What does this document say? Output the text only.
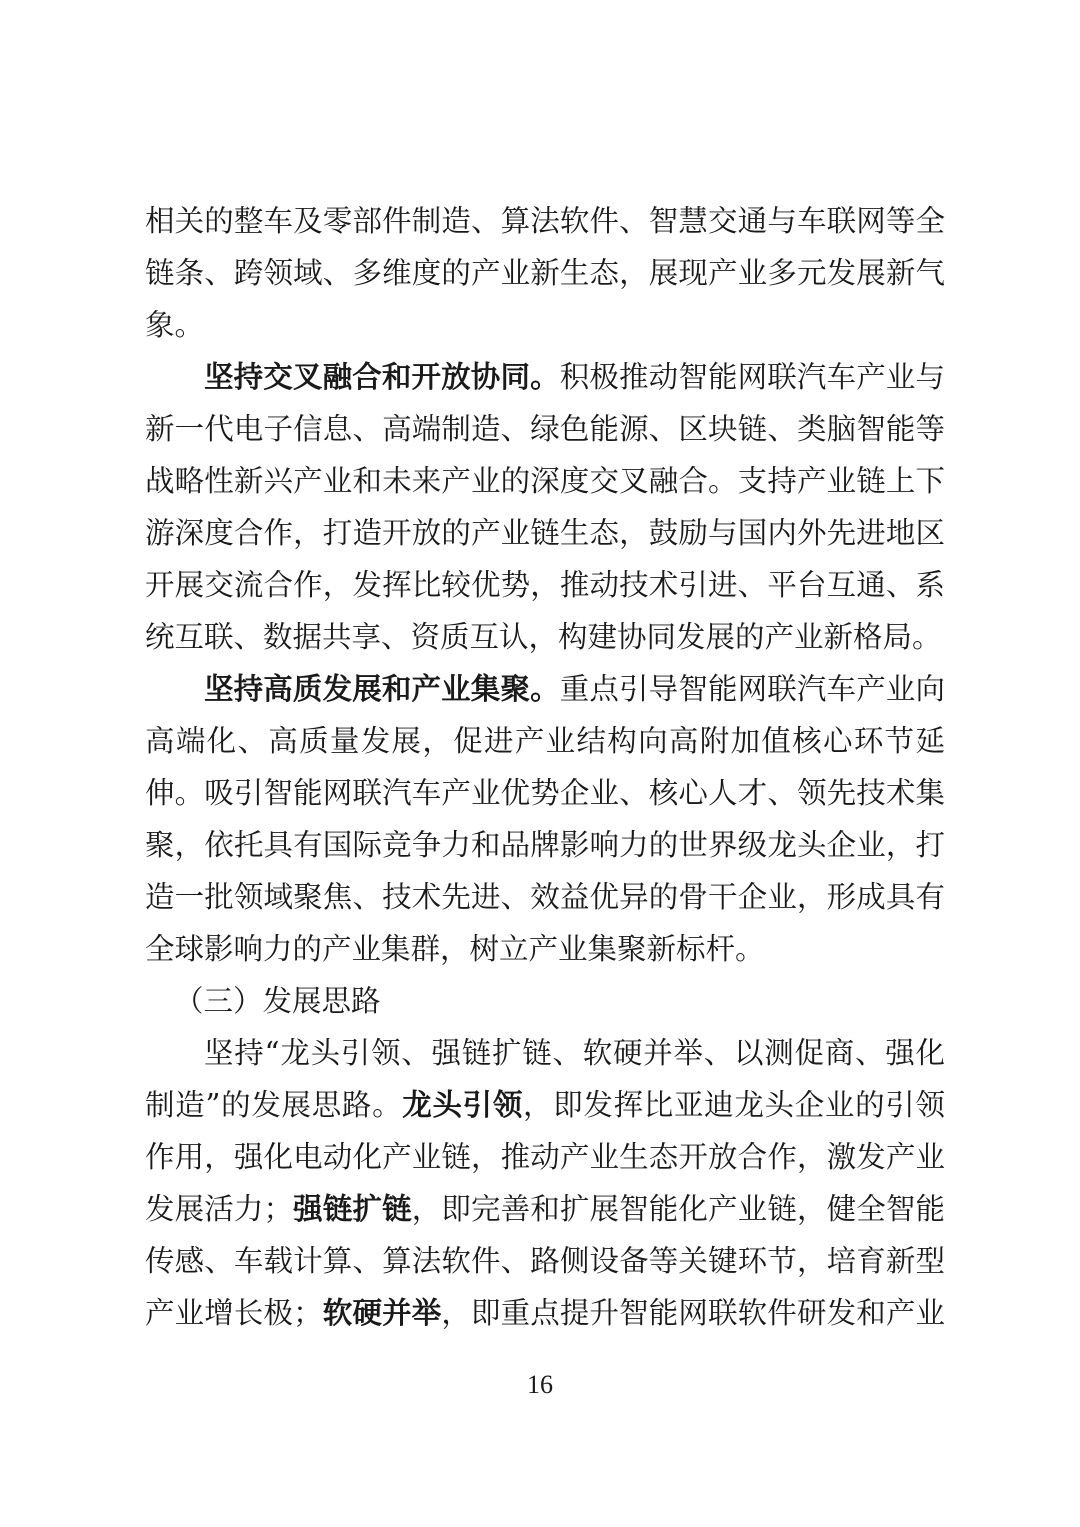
相关的整车及零部件制造、算法软件、智慧交通与车联网等全
链条、跨领域、多维度的产业新生态，展现产业多元发展新气
象。
坚持交叉融合和开放协同。积极推动智能网联汽车产业与
新一代电子信息、高端制造、绿色能源、区块链、类脑智能等
战略性新兴产业和未来产业的深度交叉融合。支持产业链上下
游深度合作，打造开放的产业链生态，鼓励与国内外先进地区
开展交流合作，发挥比较优势，推动技术引进、平台互通、系
统互联、数据共享、资质互认，构建协同发展的产业新格局。
坚持高质发展和产业集聚。重点引导智能网联汽车产业向
高端化、高质量发展，促进产业结构向高附加值核心环节延
伸。吸引智能网联汽车产业优势企业、核心人才、领先技术集
聚，依托具有国际竞争力和品牌影响力的世界级龙头企业，打
造一批领域聚焦、技术先进、效益优异的骨干企业，形成具有
全球影响力的产业集群，树立产业集聚新标杆。
（三）发展思路
坚持“龙头引领、强链扩链、软硬并举、以测促商、强化
制造”的发展思路。龙头引领，即发挥比亚迪龙头企业的引领
作用，强化电动化产业链，推动产业生态开放合作，激发产业
发展活力；强链扩链，即完善和扩展智能化产业链，健全智能
传感、车载计算、算法软件、路侧设备等关键环节，培育新型
产业增长极；软硬并举，即重点提升智能网联软件研发和产业
16
